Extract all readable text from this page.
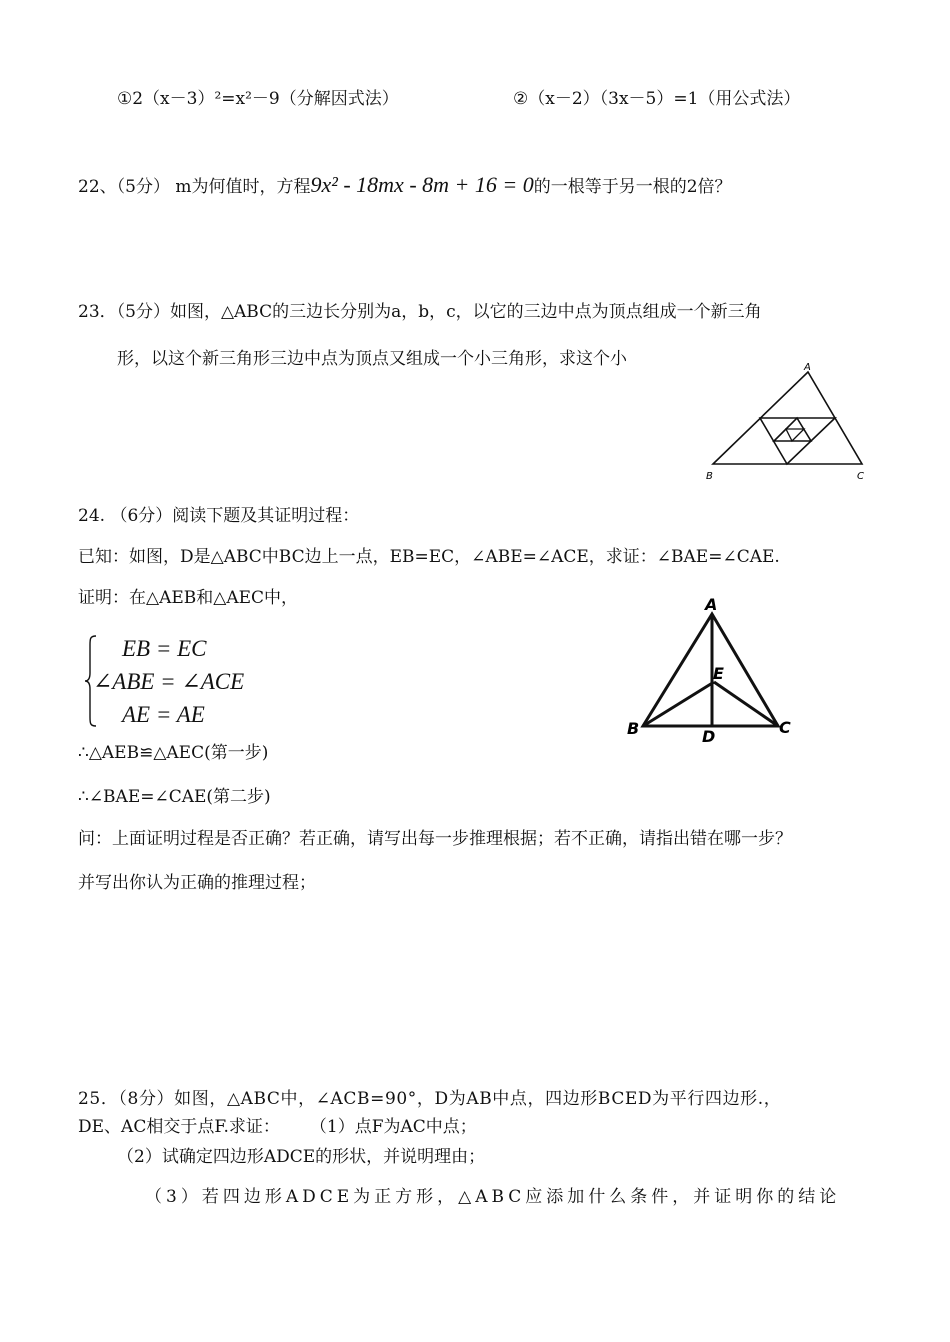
①2（x－3）²=x²－9（分解因式法）	②（x－2）（3x－5）=1（用公式法）
22、（5分） m为何值时，方程9x² - 18mx - 8m + 16 = 0的一根等于另一根的2倍？
23．（5分）如图，△ABC的三边长分别为a，b，c，以它的三边中点为顶点组成一个新三角
形，以这个新三角形三边中点为顶点又组成一个小三角形，求这个小	A
B	C
24. （6分）阅读下题及其证明过程：
已知：如图，D是△ABC中BC边上一点，EB=EC，∠ABE=∠ACE，求证：∠BAE=∠CAE.
证明：在△AEB和△AEC中，
EB = EC
∠ABE = ∠ACE
AE = AE
∴△AEB≌△AEC(第一步)
∴∠BAE=∠CAE(第二步)
问：上面证明过程是否正确？若正确，请写出每一步推理根据；若不正确，请指出错在哪一步？
并写出你认为正确的推理过程；
A
B	C
D
E
25．（8分）如图，△ABC中，∠ACB=90°，D为AB中点，四边形BCED为平行四边形.，
DE、AC相交于点F.求证： （1）点F为AC中点；
（2）试确定四边形ADCE的形状，并说明理由；
（3）若四边形ADCE为正方形，△ABC应添加什么条件，并证明你的结论
